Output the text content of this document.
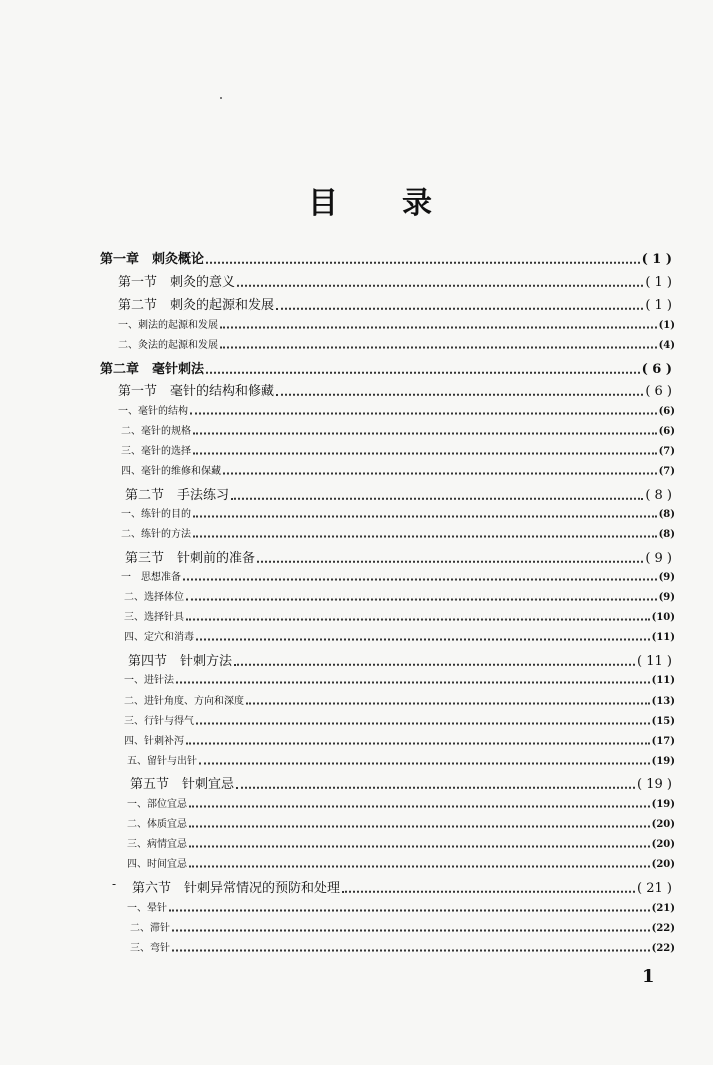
目 录
第一章　刺灸概论	( 1 )
第一节　刺灸的意义	( 1 )
第二节　刺灸的起源和发展	( 1 )
一、刺法的起源和发展	(1)
二、灸法的起源和发展	(4)
第二章　毫针刺法	( 6 )
第一节　毫针的结构和修藏	( 6 )
一、毫针的结构	(6)
二、毫针的规格	(6)
三、毫针的选择	(7)
四、毫针的维修和保藏	(7)
第二节　手法练习	( 8 )
一、练针的目的	(8)
二、练针的方法	(8)
第三节　针刺前的准备	( 9 )
一　思想准备	(9)
二、选择体位	(9)
三、选择针具	(10)
四、定穴和消毒	(11)
第四节　针刺方法	( 11 )
一、进针法	(11)
二、进针角度、方向和深度	(13)
三、行针与得气	(15)
四、针刺补泻	(17)
五、留针与出针	(19)
第五节　针刺宜忌	( 19 )
一、部位宜忌	(19)
二、体质宜忌	(20)
三、病情宜忌	(20)
四、时间宜忌	(20)
第六节　针刺异常情况的预防和处理	( 21 )
一、晕针	(21)
二、滞针	(22)
三、弯针	(22)
-
1
